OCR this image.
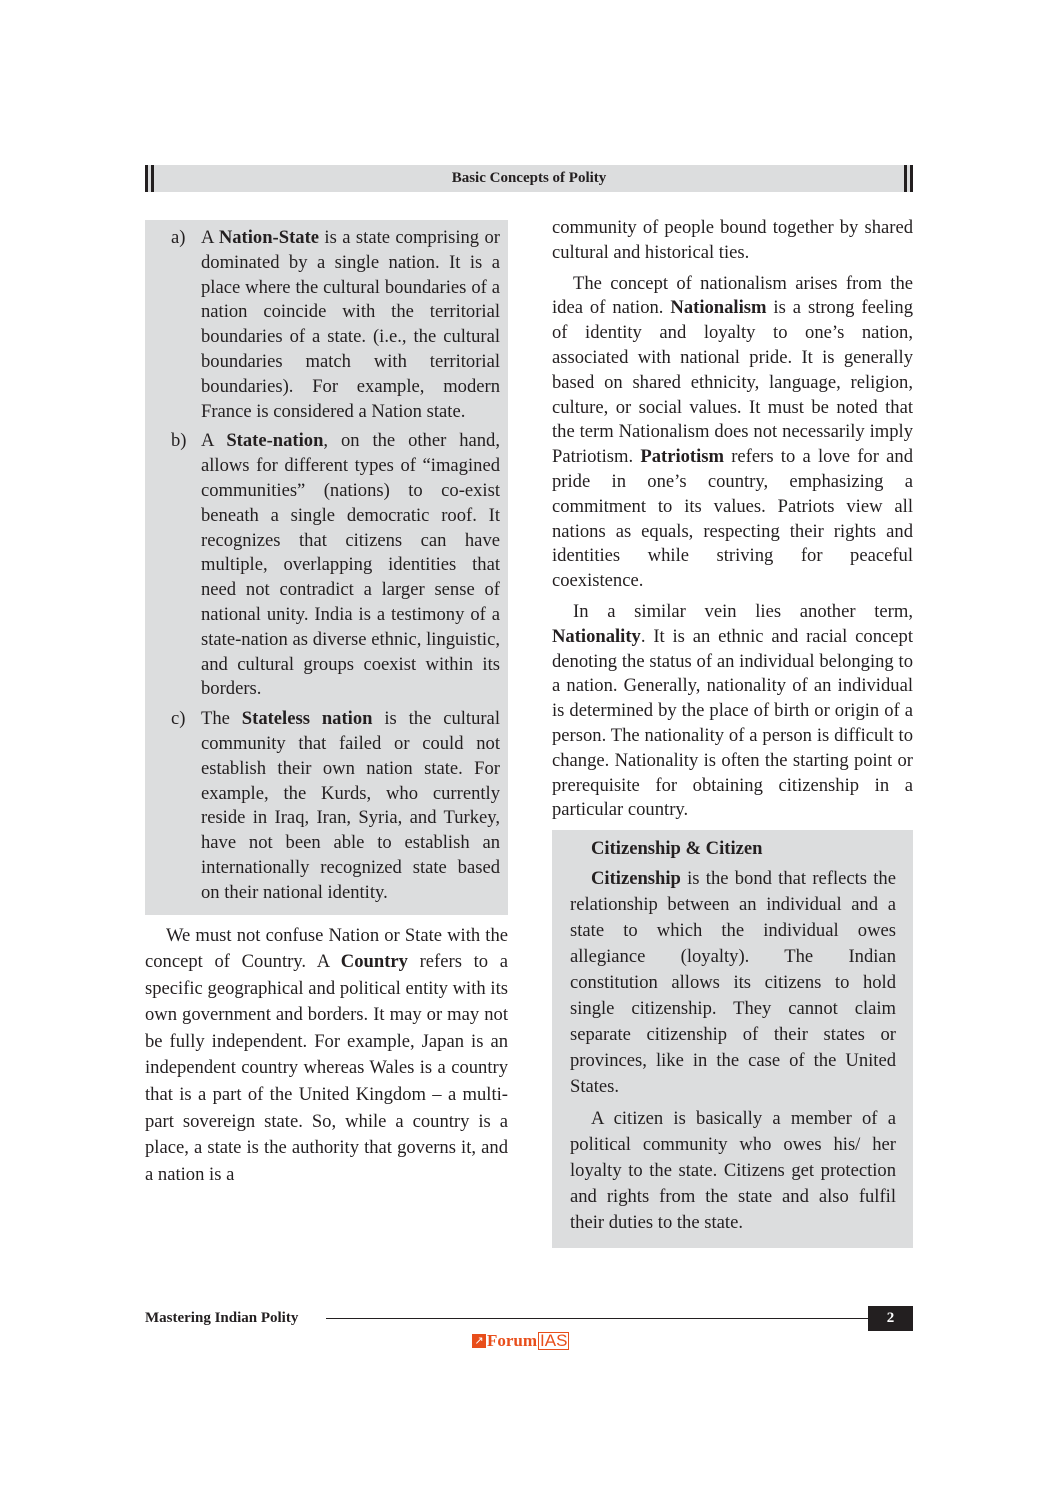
Basic Concepts of Polity
a) A Nation-State is a state comprising or dominated by a single nation. It is a place where the cultural boundaries of a nation coincide with the territorial boundaries of a state. (i.e., the cultural boundaries match with territorial boundaries). For example, modern France is considered a Nation state.
b) A State-nation, on the other hand, allows for different types of “imagined communities” (nations) to co-exist beneath a single democratic roof. It recognizes that citizens can have multiple, overlapping identities that need not contradict a larger sense of national unity. India is a testimony of a state-nation as diverse ethnic, linguistic, and cultural groups coexist within its borders.
c) The Stateless nation is the cultural community that failed or could not establish their own nation state. For example, the Kurds, who currently reside in Iraq, Iran, Syria, and Turkey, have not been able to establish an internationally recognized state based on their national identity.

We must not confuse Nation or State with the concept of Country. A Country refers to a specific geographical and political entity with its own government and borders. It may or may not be fully independent. For example, Japan is an independent country whereas Wales is a country that is a part of the United Kingdom – a multi-part sovereign state. So, while a country is a place, a state is the authority that governs it, and a nation is a

community of people bound together by shared cultural and historical ties.

The concept of nationalism arises from the idea of nation. Nationalism is a strong feeling of identity and loyalty to one’s nation, associated with national pride. It is generally based on shared ethnicity, language, religion, culture, or social values. It must be noted that the term Nationalism does not necessarily imply Patriotism. Patriotism refers to a love for and pride in one’s country, emphasizing a commitment to its values. Patriots view all nations as equals, respecting their rights and identities while striving for peaceful coexistence.

In a similar vein lies another term, Nationality. It is an ethnic and racial concept denoting the status of an individual belonging to a nation. Generally, nationality of an individual is determined by the place of birth or origin of a person. The nationality of a person is difficult to change. Nationality is often the starting point or prerequisite for obtaining citizenship in a particular country.

Citizenship & Citizen

Citizenship is the bond that reflects the relationship between an individual and a state to which the individual owes allegiance (loyalty). The Indian constitution allows its citizens to hold single citizenship. They cannot claim separate citizenship of their states or provinces, like in the case of the United States.

A citizen is basically a member of a political community who owes his/ her loyalty to the state. Citizens get protection and rights from the state and also fulfil their duties to the state.

Mastering Indian Polity	2
↗ Forum IAS
